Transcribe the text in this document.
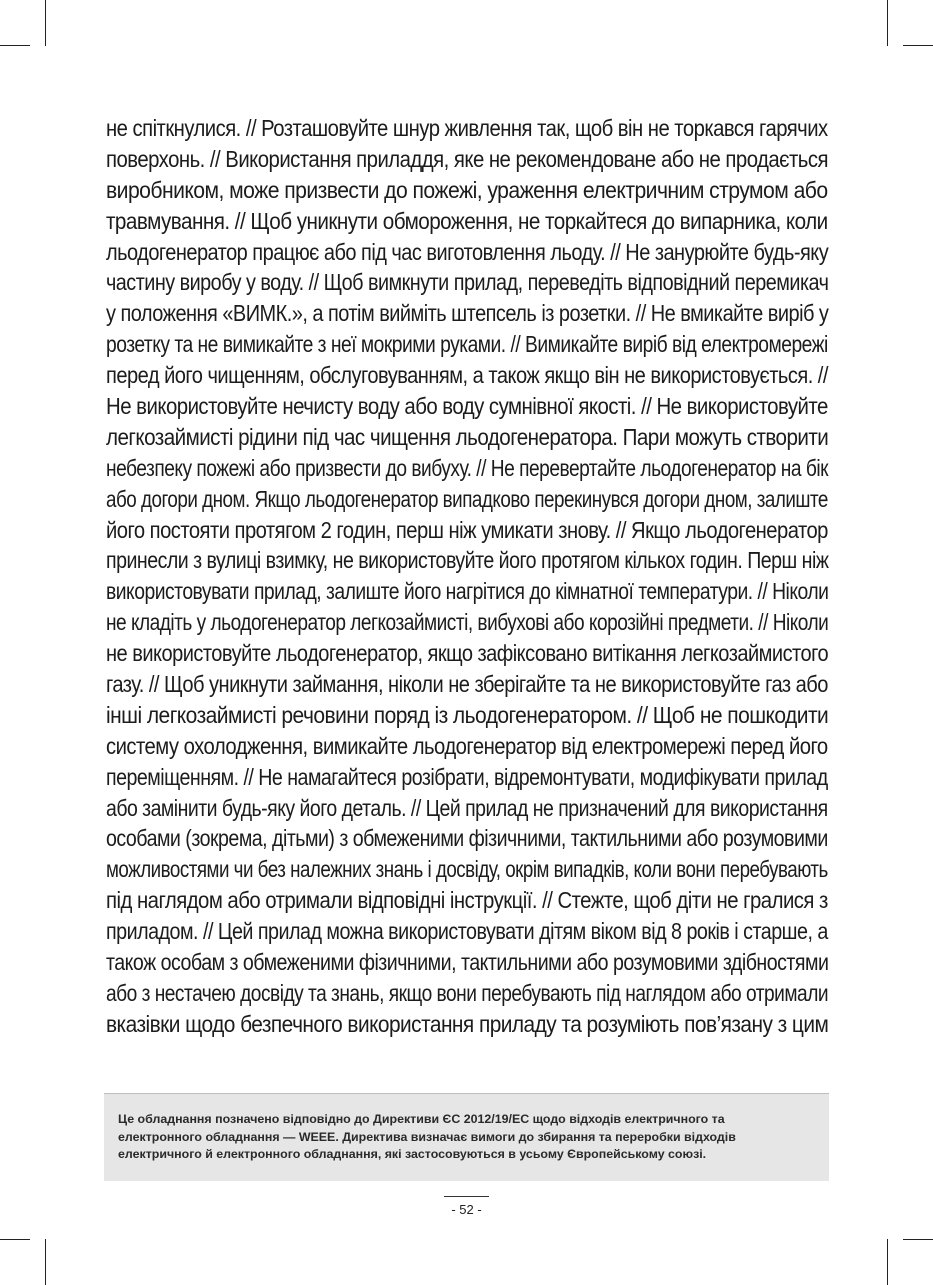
не спіткнулися. // Розташовуйте шнур живлення так, щоб він не торкався гарячих
поверхонь. // Використання приладдя, яке не рекомендоване або не продається
виробником, може призвести до пожежі, ураження електричним струмом або
травмування. // Щоб уникнути обмороження, не торкайтеся до випарника, коли
льодогенератор працює або під час виготовлення льоду. // Не занурюйте будь-яку
частину виробу у воду. // Щоб вимкнути прилад, переведіть відповідний перемикач
у положення «ВИМК.», а потім вийміть штепсель із розетки. // Не вмикайте виріб у
розетку та не вимикайте з неї мокрими руками. // Вимикайте виріб від електромережі
перед його чищенням, обслуговуванням, а також якщо він не використовується. //
Не використовуйте нечисту воду або воду сумнівної якості. // Не використовуйте
легкозаймисті рідини під час чищення льодогенератора. Пари можуть створити
небезпеку пожежі або призвести до вибуху. // Не перевертайте льодогенератор на бік
або догори дном. Якщо льодогенератор випадково перекинувся догори дном, залиште
його постояти протягом 2 годин, перш ніж умикати знову. // Якщо льодогенератор
принесли з вулиці взимку, не використовуйте його протягом кількох годин. Перш ніж
використовувати прилад, залиште його нагрітися до кімнатної температури. // Ніколи
не кладіть у льодогенератор легкозаймисті, вибухові або корозійні предмети. // Ніколи
не використовуйте льодогенератор, якщо зафіксовано витікання легкозаймистого
газу. // Щоб уникнути займання, ніколи не зберігайте та не використовуйте газ або
інші легкозаймисті речовини поряд із льодогенератором. // Щоб не пошкодити
систему охолодження, вимикайте льодогенератор від електромережі перед його
переміщенням. // Не намагайтеся розібрати, відремонтувати, модифікувати прилад
або замінити будь-яку його деталь. // Цей прилад не призначений для використання
особами (зокрема, дітьми) з обмеженими фізичними, тактильними або розумовими
можливостями чи без належних знань і досвіду, окрім випадків, коли вони перебувають
під наглядом або отримали відповідні інструкції. // Стежте, щоб діти не гралися з
приладом. // Цей прилад можна використовувати дітям віком від 8 років і старше, а
також особам з обмеженими фізичними, тактильними або розумовими здібностями
або з нестачею досвіду та знань, якщо вони перебувають під наглядом або отримали
вказівки щодо безпечного використання приладу та розуміють пов’язану з цим
Це обладнання позначено відповідно до Директиви ЄС 2012/19/ЕС щодо відходів електричного та
електронного обладнання — WEEE. Директива визначає вимоги до збирання та переробки відходів
електричного й електронного обладнання, які застосовуються в усьому Європейському союзі.
- 52 -
